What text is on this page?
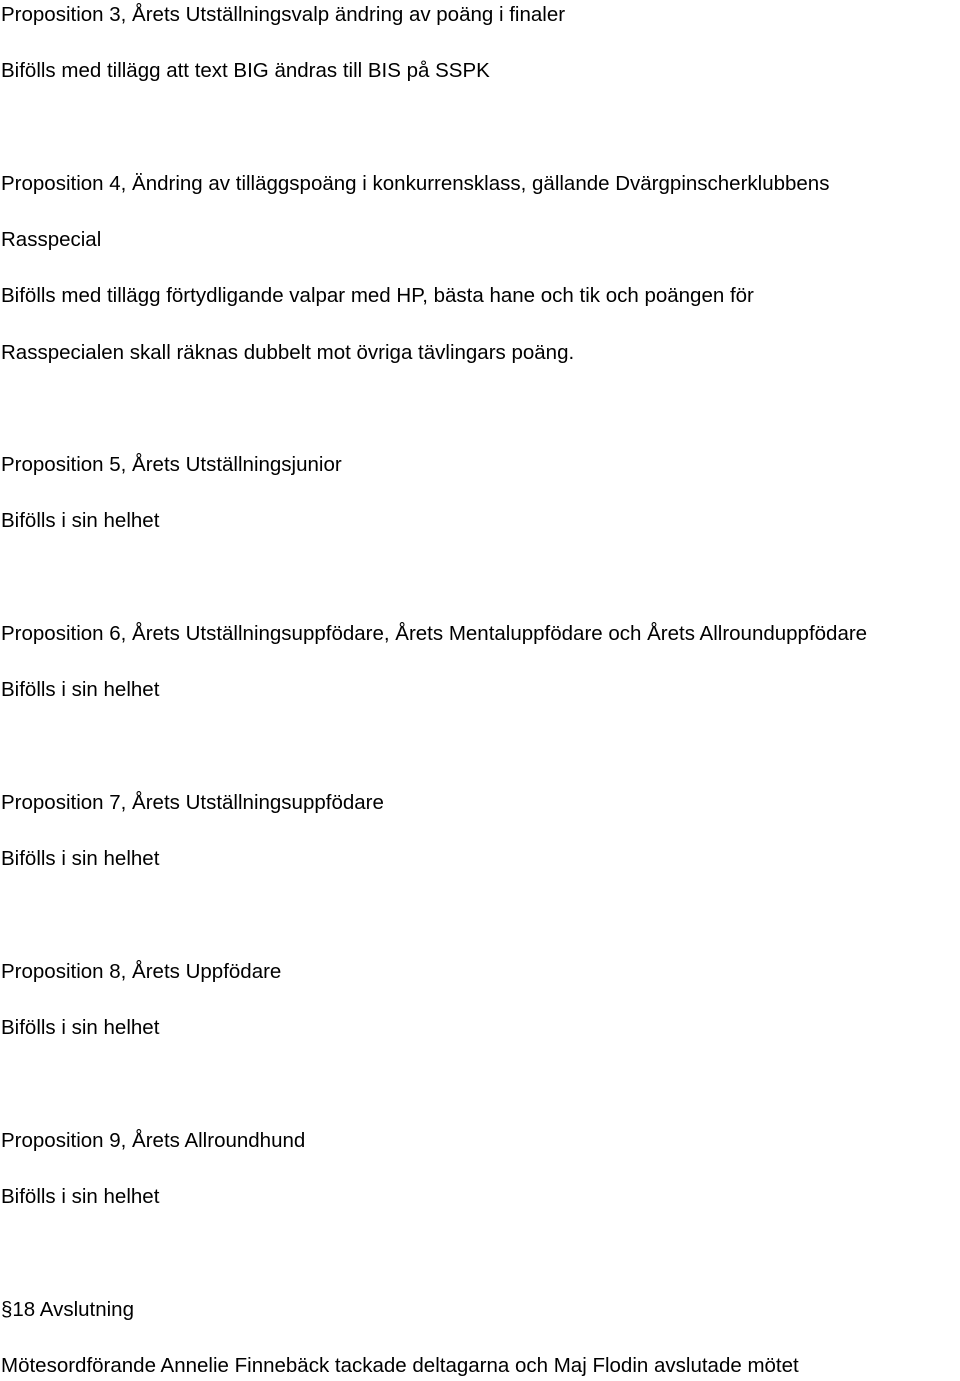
Proposition 3, Årets Utställningsvalp ändring av poäng i finaler

Bifölls med tillägg att text BIG ändras till BIS på SSPK

Proposition 4, Ändring av tilläggspoäng i konkurrensklass, gällande Dvärgpinscherklubbens

Rasspecial

Bifölls med tillägg förtydligande valpar med HP, bästa hane och tik och poängen för

Rasspecialen skall räknas dubbelt mot övriga tävlingars poäng.

Proposition 5, Årets Utställningsjunior

Bifölls i sin helhet

Proposition 6, Årets Utställningsuppfödare, Årets Mentaluppfödare och Årets Allrounduppfödare

Bifölls i sin helhet

Proposition 7, Årets Utställningsuppfödare

Bifölls i sin helhet

Proposition 8, Årets Uppfödare

Bifölls i sin helhet

Proposition 9, Årets Allroundhund

Bifölls i sin helhet

§18 Avslutning

Mötesordförande Annelie Finnebäck tackade deltagarna och Maj Flodin avslutade mötet
